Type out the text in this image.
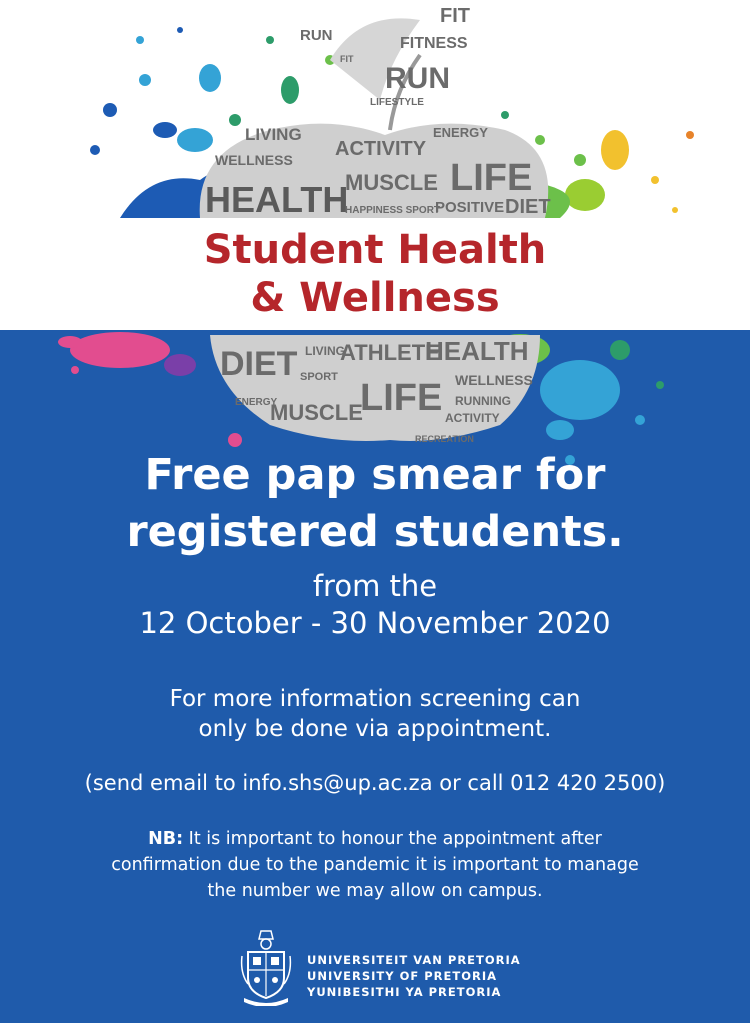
RUN
FIT
FITNESS
FIT
RUN
LIFESTYLE
LIVING	ENERGY
ACTIVITY
WELLNESS	LIFE
MUSCLE
HEALTH
HAPPINESS SPORT
POSITIVE DIET
Student Health
& Wellness
DIET LIVING
ATHLETE
HEALTH
SPORT LIFE WELLNESS
ENERGY
MUSCLE	RUNNING
ACTIVITY
RECREATION

Free pap smear for

registered students.

from the

12 October - 30 November 2020

For more information screening can

only be done via appointment.

(send email to info.shs@up.ac.za or call 012 420 2500)

NB: It is important to honour the appointment after confirmation due to the pandemic it is important to manage the number we may allow on campus.

UNIVERSITEIT VAN PRETORIA

UNIVERSITY OF PRETORIA

YUNIBESITHI YA PRETORIA
